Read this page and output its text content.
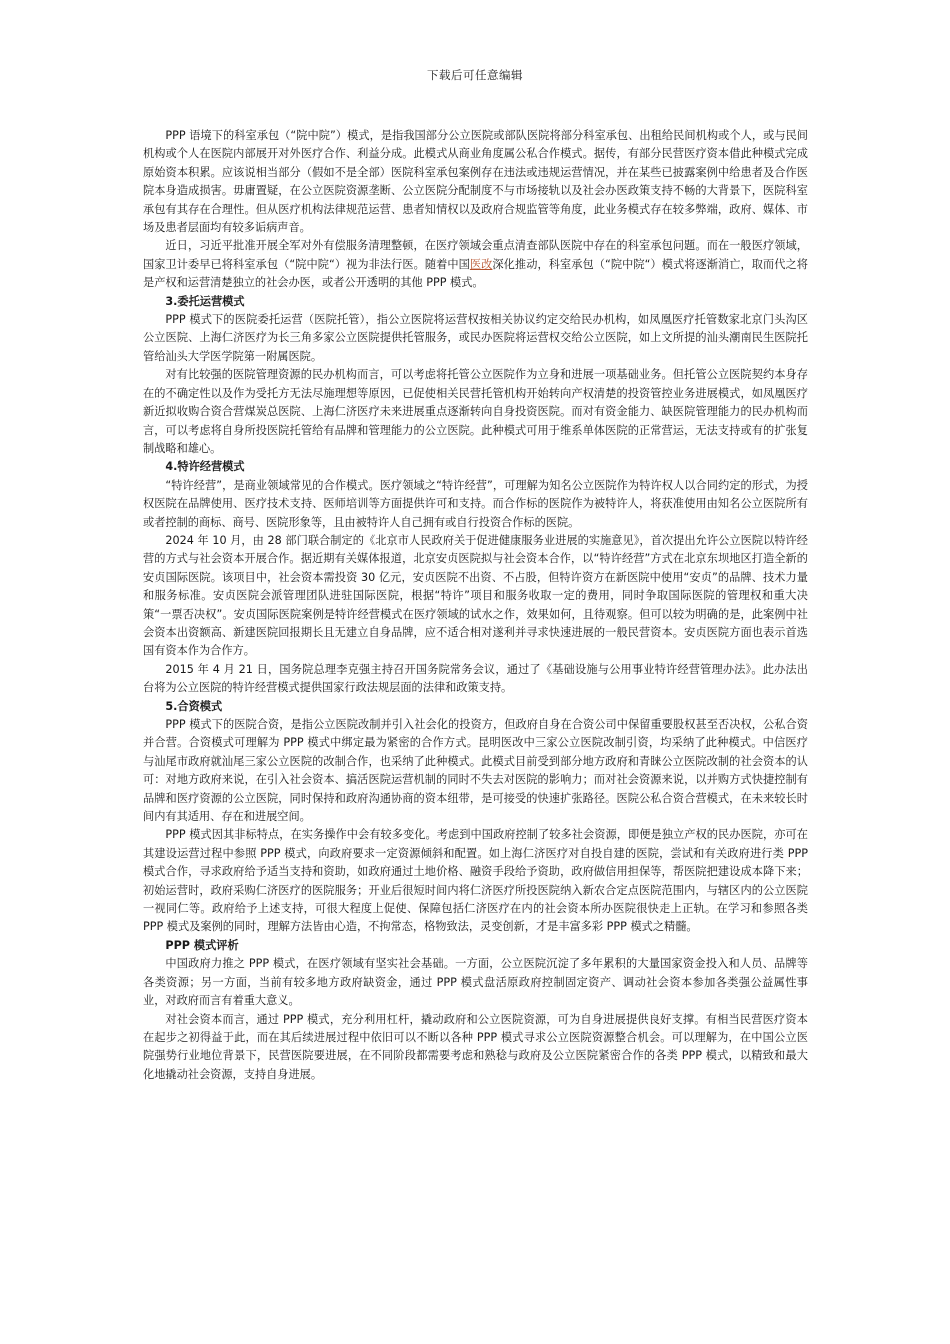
下载后可任意编辑

PPP 语境下的科室承包（“院中院”）模式，是指我国部分公立医院或部队医院将部分科室承包、出租给民间机构或个人，或与民间机构或个人在医院内部展开对外医疗合作、利益分成。此模式从商业角度属公私合作模式。据传，有部分民营医疗资本借此种模式完成原始资本积累。应该说相当部分（假如不是全部）医院科室承包案例存在违法或违规运营情况，并在某些已披露案例中给患者及合作医院本身造成损害。毋庸置疑，在公立医院资源垄断、公立医院分配制度不与市场接轨以及社会办医政策支持不畅的大背景下，医院科室承包有其存在合理性。但从医疗机构法律规范运营、患者知情权以及政府合规监管等角度，此业务模式存在较多弊端，政府、媒体、市场及患者层面均有较多诟病声音。

近日，习近平批准开展全军对外有偿服务清理整顿，在医疗领域会重点清查部队医院中存在的科室承包问题。而在一般医疗领域，国家卫计委早已将科室承包（“院中院“）视为非法行医。随着中国医改深化推动，科室承包（“院中院“）模式将逐渐消亡，取而代之将是产权和运营清楚独立的社会办医，或者公开透明的其他 PPP 模式。

3.委托运营模式

PPP 模式下的医院委托运营（医院托管），指公立医院将运营权按相关协议约定交给民办机构，如凤凰医疗托管数家北京门头沟区公立医院、上海仁济医疗为长三角多家公立医院提供托管服务，或民办医院将运营权交给公立医院，如上文所提的汕头潮南民生医院托管给汕头大学医学院第一附属医院。

对有比较强的医院管理资源的民办机构而言，可以考虑将托管公立医院作为立身和进展一项基础业务。但托管公立医院契约本身存在的不确定性以及作为受托方无法尽施理想等原因，已促使相关民营托管机构开始转向产权清楚的投资管控业务进展模式，如凤凰医疗新近拟收购合资合营煤炭总医院、上海仁济医疗未来进展重点逐渐转向自身投资医院。而对有资金能力、缺医院管理能力的民办机构而言，可以考虑将自身所投医院托管给有品牌和管理能力的公立医院。此种模式可用于维系单体医院的正常营运，无法支持或有的扩张复制战略和雄心。

4.特许经营模式

“特许经营”，是商业领域常见的合作模式。医疗领域之“特许经营”，可理解为知名公立医院作为特许权人以合同约定的形式，为授权医院在品牌使用、医疗技术支持、医师培训等方面提供许可和支持。而合作标的医院作为被特许人，将获准使用由知名公立医院所有或者控制的商标、商号、医院形象等，且由被特许人自己拥有或自行投资合作标的医院。

2024 年 10 月，由 28 部门联合制定的《北京市人民政府关于促进健康服务业进展的实施意见》，首次提出允许公立医院以特许经营的方式与社会资本开展合作。据近期有关媒体报道，北京安贞医院拟与社会资本合作，以“特许经营”方式在北京东坝地区打造全新的安贞国际医院。该项目中，社会资本需投资 30 亿元，安贞医院不出资、不占股，但特许资方在新医院中使用“安贞”的品牌、技术力量和服务标准。安贞医院会派管理团队进驻国际医院，根据“特许”项目和服务收取一定的费用，同时争取国际医院的管理权和重大决策“一票否决权”。安贞国际医院案例是特许经营模式在医疗领域的试水之作，效果如何，且待观察。但可以较为明确的是，此案例中社会资本出资额高、新建医院回报期长且无建立自身品牌，应不适合相对遂利并寻求快速进展的一般民营资本。安贞医院方面也表示首选国有资本作为合作方。

2015 年 4 月 21 日，国务院总理李克强主持召开国务院常务会议，通过了《基础设施与公用事业特许经营管理办法》。此办法出台将为公立医院的特许经营模式提供国家行政法规层面的法律和政策支持。

5.合资模式

PPP 模式下的医院合资，是指公立医院改制并引入社会化的投资方，但政府自身在合资公司中保留重要股权甚至否决权，公私合资并合营。合资模式可理解为 PPP 模式中绑定最为紧密的合作方式。昆明医改中三家公立医院改制引资，均采纳了此种模式。中信医疗与汕尾市政府就汕尾三家公立医院的改制合作，也采纳了此种模式。此模式目前受到部分地方政府和青睐公立医院改制的社会资本的认可：对地方政府来说，在引入社会资本、搞活医院运营机制的同时不失去对医院的影响力；而对社会资源来说，以并购方式快捷控制有品牌和医疗资源的公立医院，同时保持和政府沟通协商的资本纽带，是可接受的快速扩张路径。医院公私合资合营模式，在未来较长时间内有其适用、存在和进展空间。

PPP 模式因其非标特点，在实务操作中会有较多变化。考虑到中国政府控制了较多社会资源，即便是独立产权的民办医院，亦可在其建设运营过程中参照 PPP 模式，向政府要求一定资源倾斜和配置。如上海仁济医疗对自投自建的医院，尝试和有关政府进行类 PPP 模式合作，寻求政府给予适当支持和资助，如政府通过土地价格、融资手段给予资助，政府做信用担保等，帮医院把建设成本降下来；初始运营时，政府采购仁济医疗的医院服务；开业后很短时间内将仁济医疗所投医院纳入新农合定点医院范围内，与辖区内的公立医院一视同仁等。政府给予上述支持，可很大程度上促使、保障包括仁济医疗在内的社会资本所办医院很快走上正轨。在学习和参照各类 PPP 模式及案例的同时，理解方法皆由心造，不拘常态，格物致法，灵变创新，才是丰富多彩 PPP 模式之精髓。

PPP 模式评析

中国政府力推之 PPP 模式，在医疗领域有坚实社会基础。一方面，公立医院沉淀了多年累积的大量国家资金投入和人员、品牌等各类资源；另一方面，当前有较多地方政府缺资金，通过 PPP 模式盘活原政府控制固定资产、调动社会资本参加各类强公益属性事业，对政府而言有着重大意义。

对社会资本而言，通过 PPP 模式，充分利用杠杆，撬动政府和公立医院资源，可为自身进展提供良好支撑。有相当民营医疗资本在起步之初得益于此，而在其后续进展过程中依旧可以不断以各种 PPP 模式寻求公立医院资源整合机会。可以理解为，在中国公立医院强势行业地位背景下，民营医院要进展，在不同阶段都需要考虑和熟稔与政府及公立医院紧密合作的各类 PPP 模式，以精致和最大化地撬动社会资源，支持自身进展。
